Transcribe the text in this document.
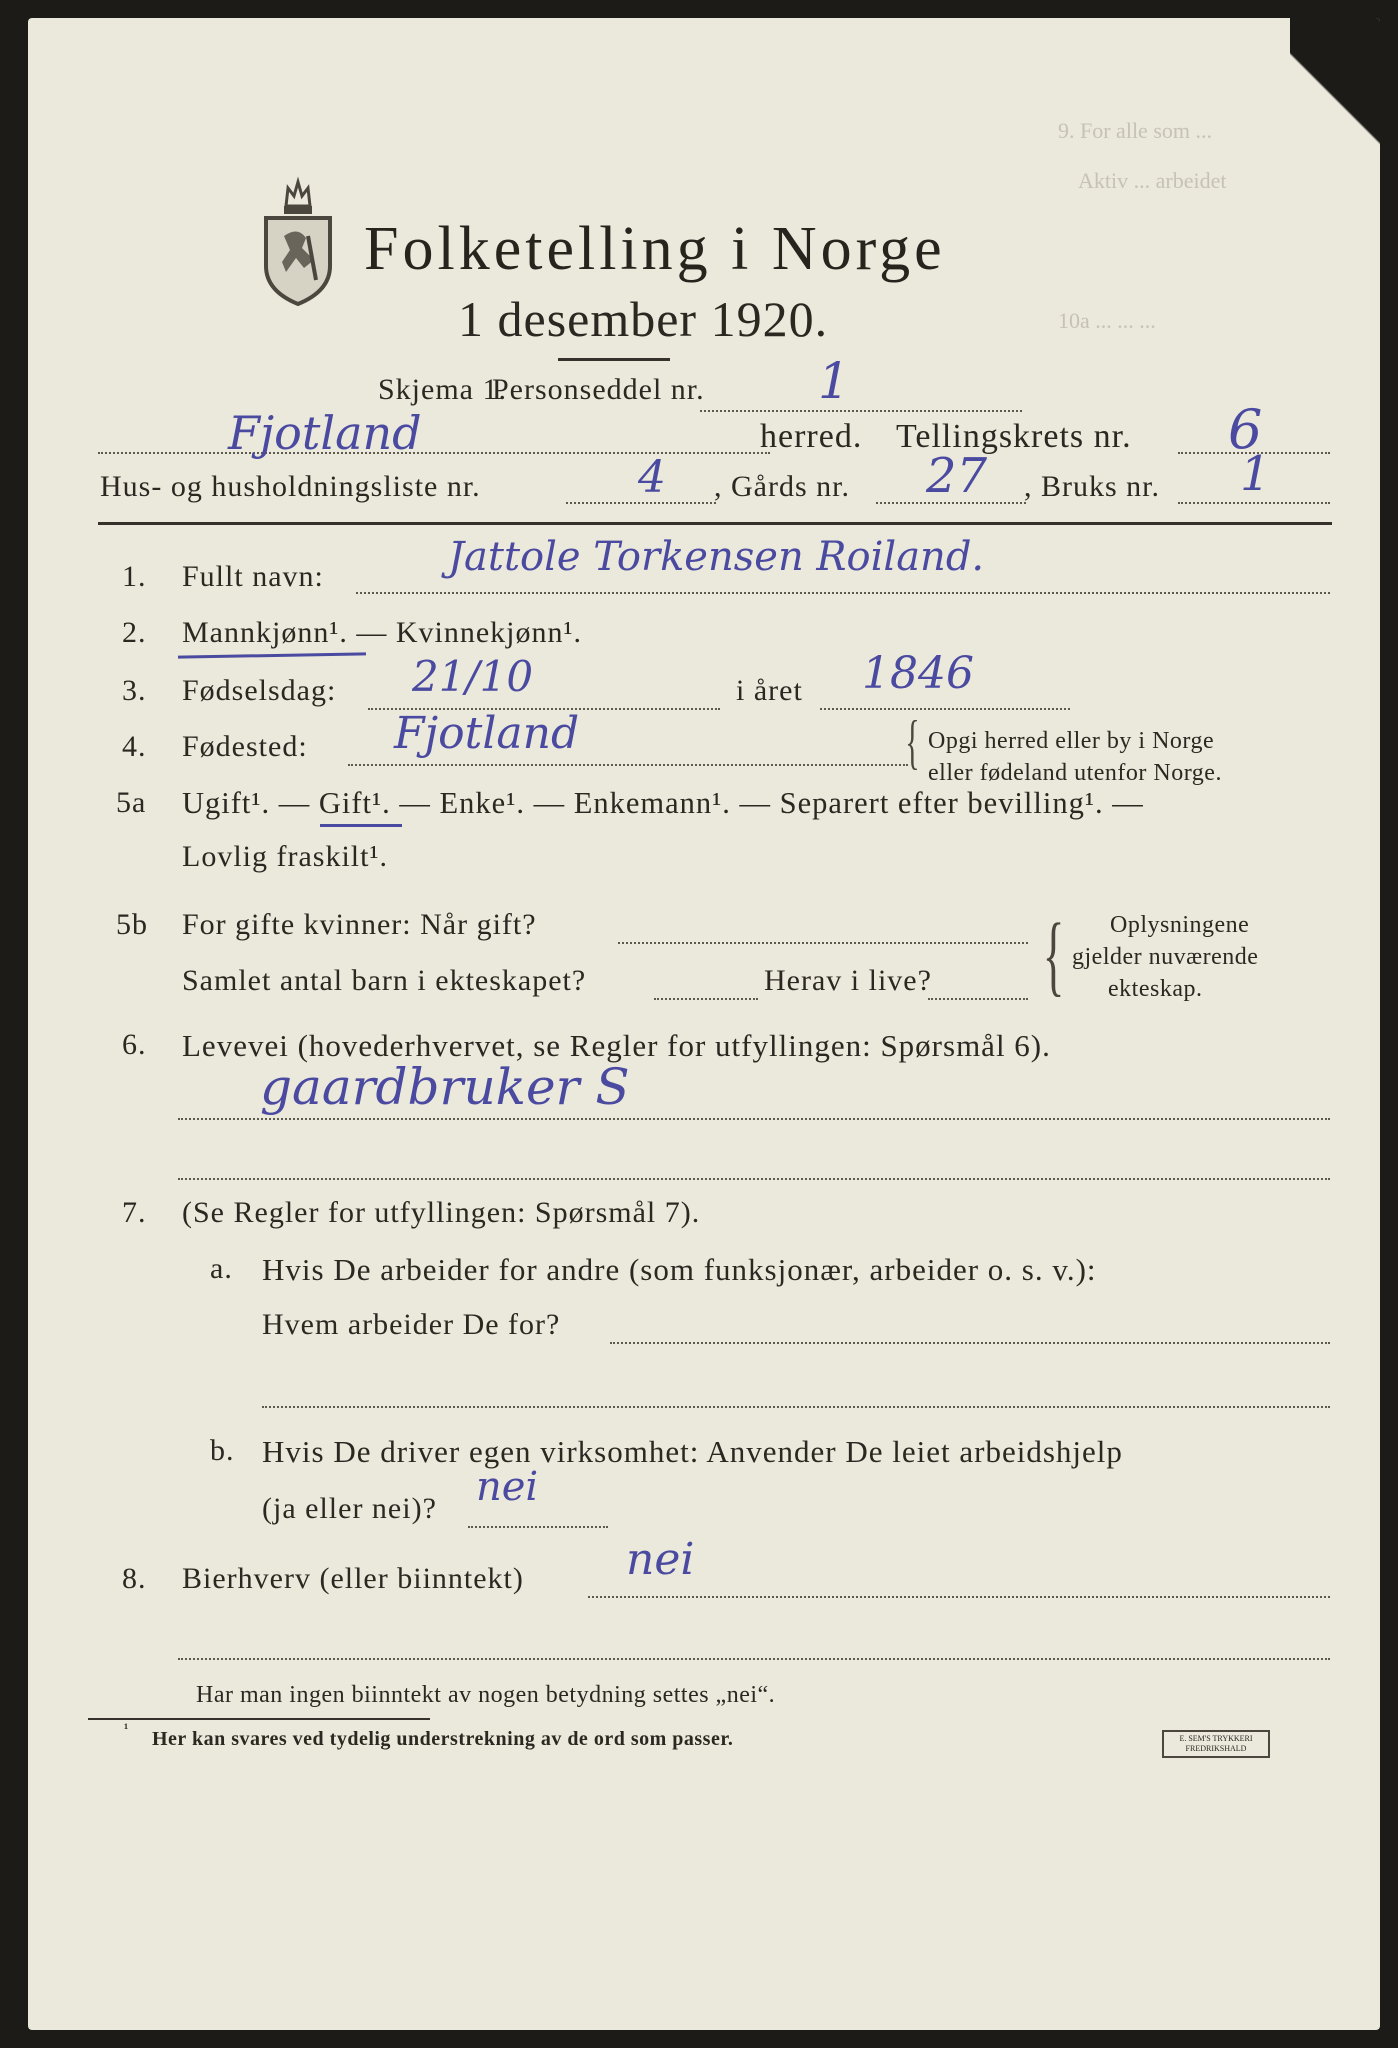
9. For alle som ...
Aktiv ... arbeidet
10a ... ... ...
Folketelling i Norge
1 desember 1920.
Skjema 1.
Personseddel nr. 1
Fjotland	herred. Tellingskrets nr. 6
Hus- og husholdningsliste nr.	4 , Gårds nr. 27 , Bruks nr. 1
1. Fullt navn:	Jattole Torkensen Roiland.
2. Mannkjønn¹. — Kvinnekjønn¹.
3. Fødselsdag: 21/10	i året 1846
4. Fødested: Fjotland	{ Opgi herred eller by i Norge
eller fødeland utenfor Norge.
5a Ugift¹. — Gift¹. — Enke¹. — Enkemann¹. — Separert efter bevilling¹. —
Lovlig fraskilt¹.
5b For gifte kvinner: Når gift?
Samlet antal barn i ekteskapet?	Herav i live? { Oplysningene
gjelder nuværende
ekteskap.
6. Levevei (hovederhvervet, se Regler for utfyllingen: Spørsmål 6).
gaardbruker S
7. (Se Regler for utfyllingen: Spørsmål 7).
a. Hvis De arbeider for andre (som funksjonær, arbeider o. s. v.):
Hvem arbeider De for?
b. Hvis De driver egen virksomhet: Anvender De leiet arbeidshjelp
(ja eller nei)? nei
8. Bierhverv (eller biinntekt) nei
Har man ingen biinntekt av nogen betydning settes „nei“.
¹ Her kan svares ved tydelig understrekning av de ord som passer.	E. SEM'S TRYKKERI FREDRIKSHALD
